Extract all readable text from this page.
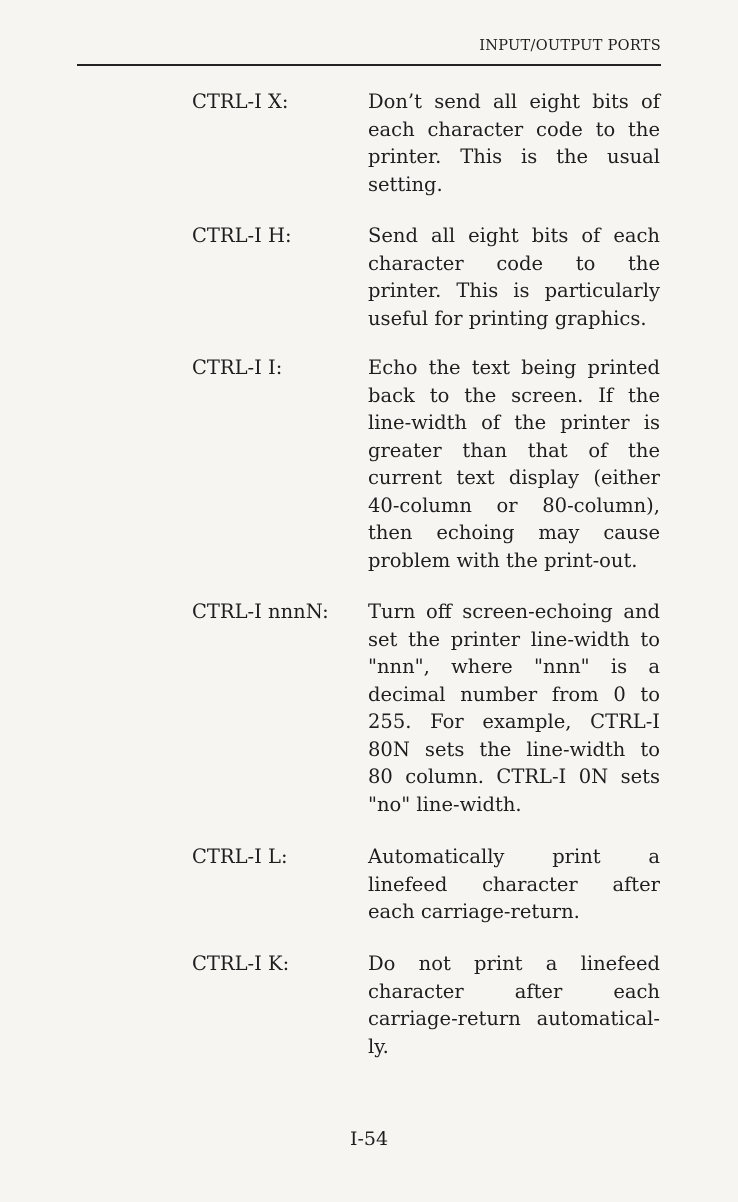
INPUT/OUTPUT PORTS
CTRL-I X:	Don’t send all eight bits of
each character code to the
printer. This is the usual
setting.
CTRL-I H:	Send all eight bits of each
character code to the
printer. This is particularly
useful for printing graphics.
CTRL-I I:	Echo the text being printed
back to the screen. If the
line-width of the printer is
greater than that of the
current text display (either
40-column or 80-column),
then echoing may cause
problem with the print-out.
CTRL-I nnnN: Turn off screen-echoing and
set the printer line-width to
"nnn", where "nnn" is a
decimal number from 0 to
255. For example, CTRL-I
80N sets the line-width to
80 column. CTRL-I 0N sets
"no" line-width.
CTRL-I L:	Automatically print a
linefeed character after
each carriage-return.
CTRL-I K:	Do not print a linefeed
character after each
carriage-return automatical-
ly.
I-54
